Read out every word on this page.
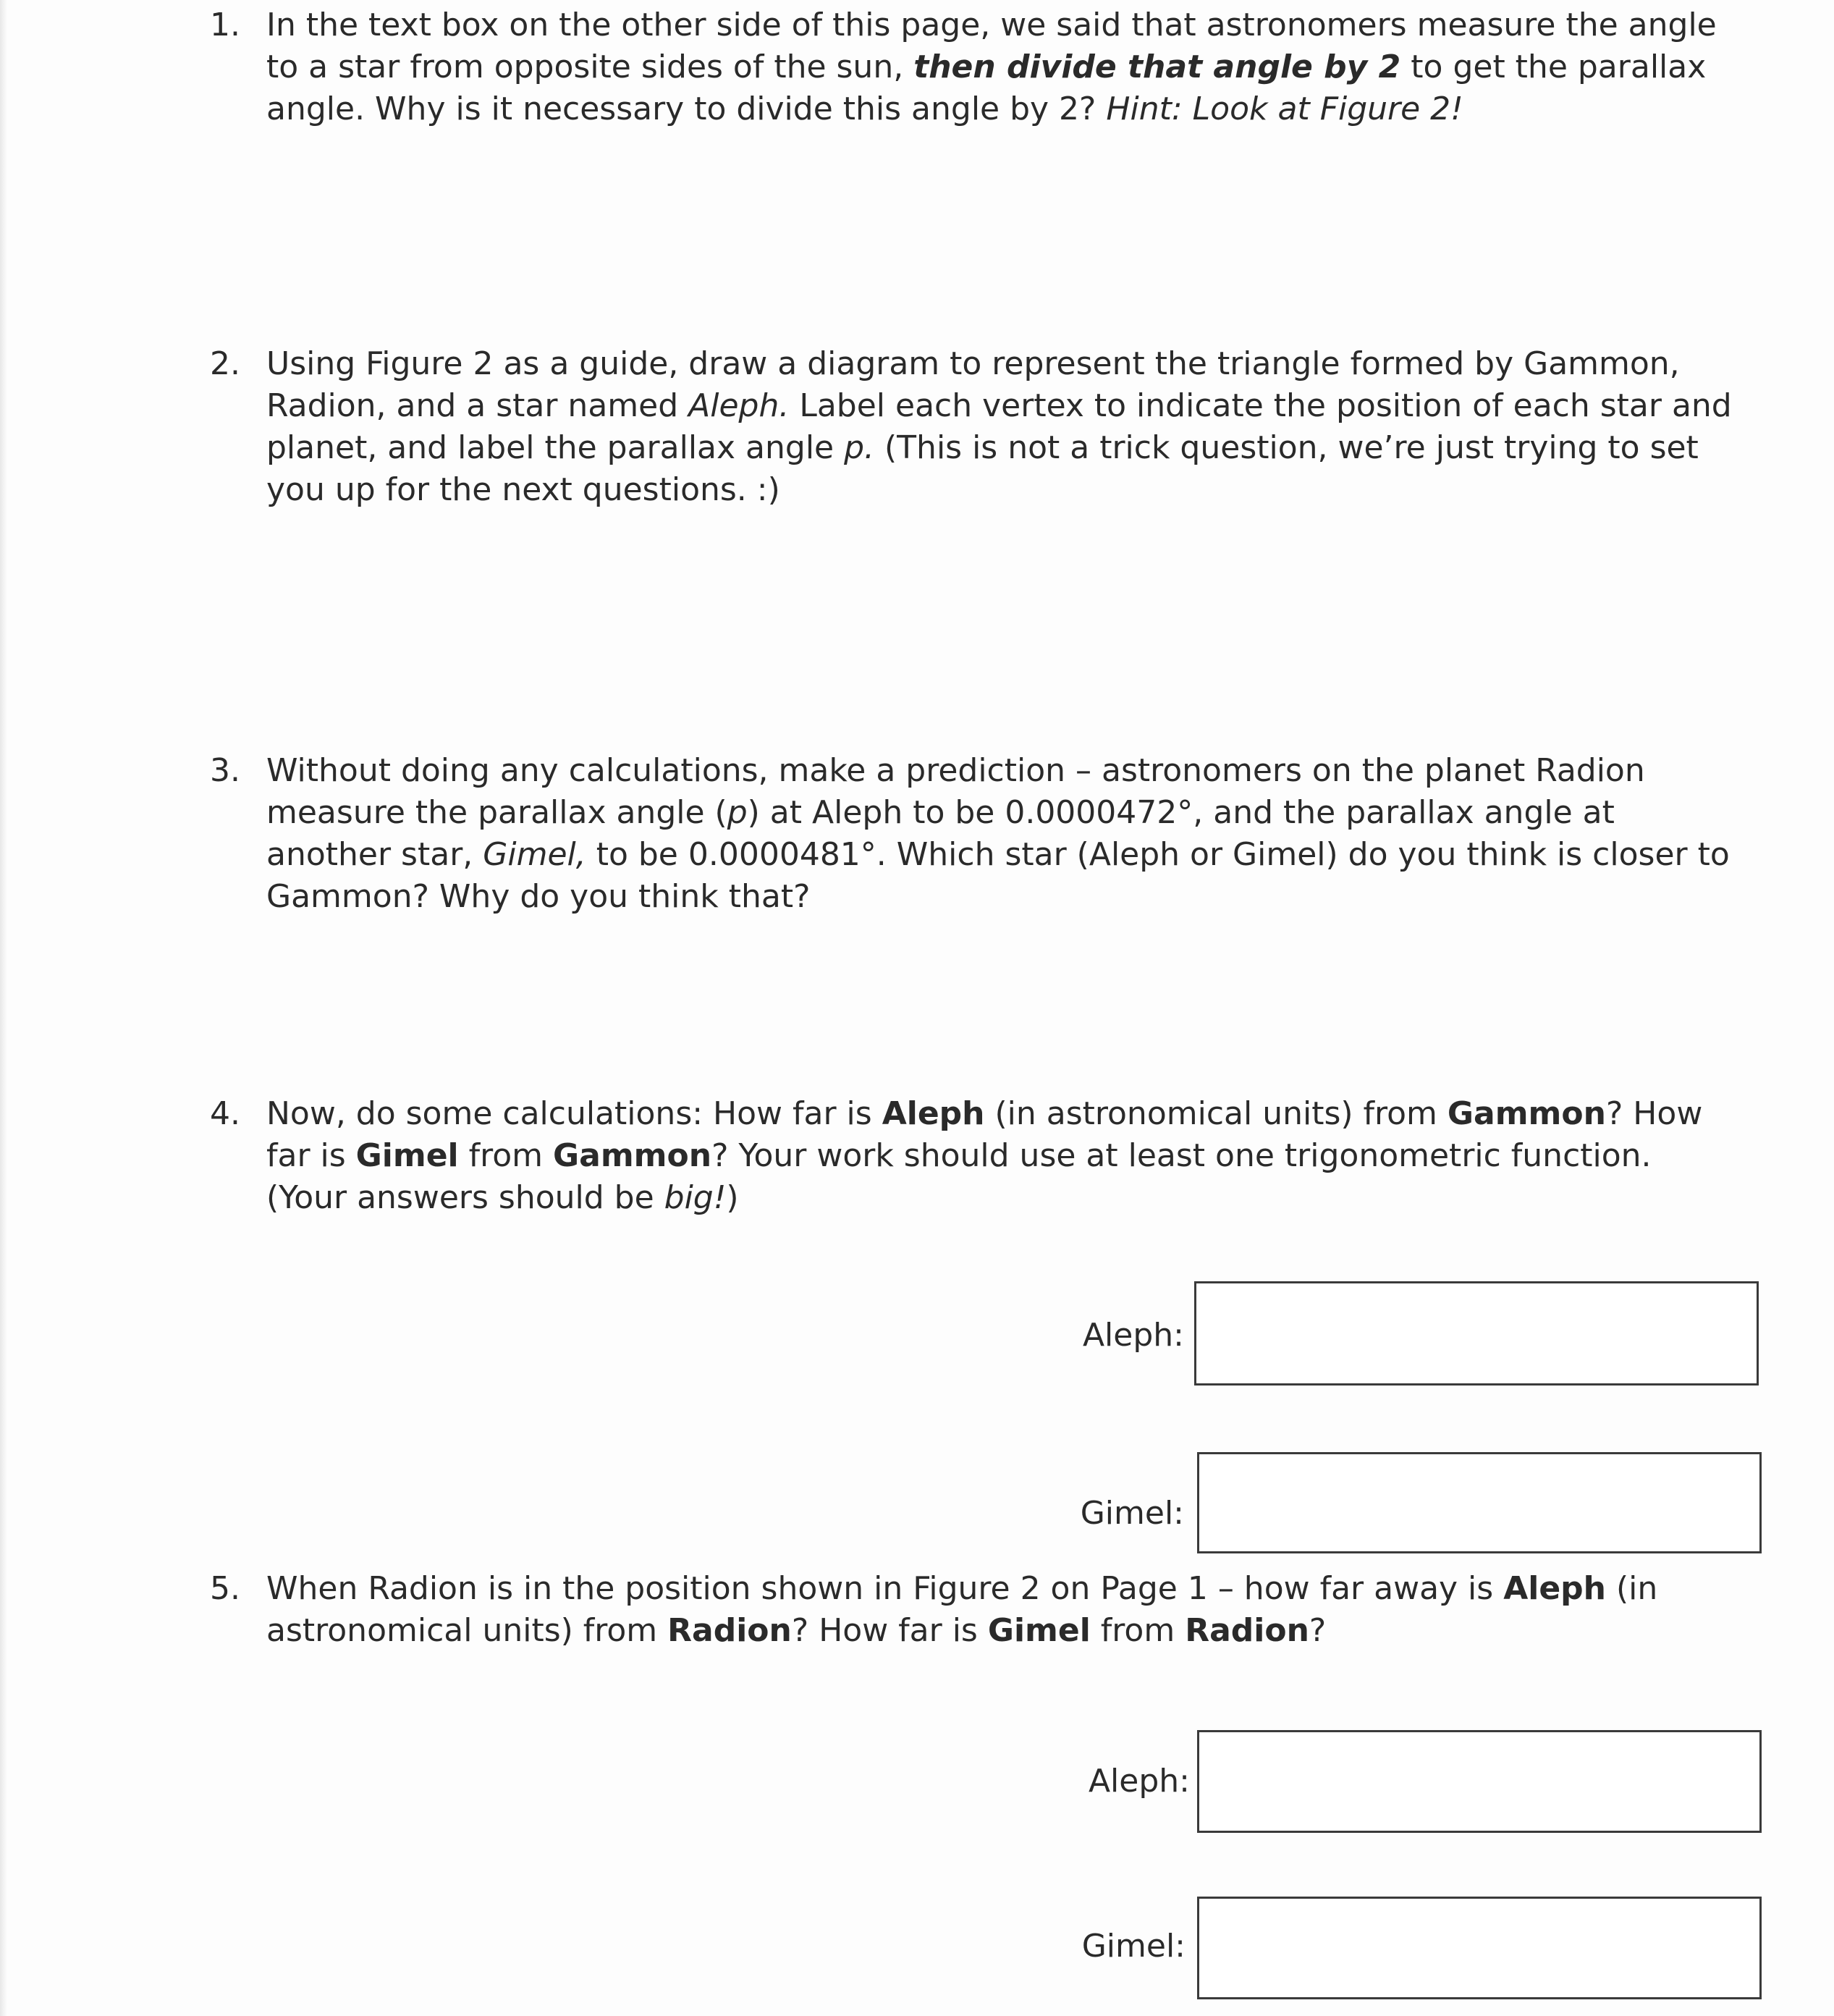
1. In the text box on the other side of this page, we said that astronomers measure the angle to a star from opposite sides of the sun, then divide that angle by 2 to get the parallax angle. Why is it necessary to divide this angle by 2? Hint: Look at Figure 2!

2. Using Figure 2 as a guide, draw a diagram to represent the triangle formed by Gammon, Radion, and a star named Aleph. Label each vertex to indicate the position of each star and planet, and label the parallax angle p. (This is not a trick question, we’re just trying to set you up for the next questions. :)

3. Without doing any calculations, make a prediction – astronomers on the planet Radion measure the parallax angle (p) at Aleph to be 0.0000472°, and the parallax angle at another star, Gimel, to be 0.0000481°. Which star (Aleph or Gimel) do you think is closer to Gammon? Why do you think that?

4. Now, do some calculations: How far is Aleph (in astronomical units) from Gammon? How far is Gimel from Gammon? Your work should use at least one trigonometric function. (Your answers should be big!)

Aleph:
Gimel:
5. When Radion is in the position shown in Figure 2 on Page 1 – how far away is Aleph (in astronomical units) from Radion? How far is Gimel from Radion?

Aleph:
Gimel:
